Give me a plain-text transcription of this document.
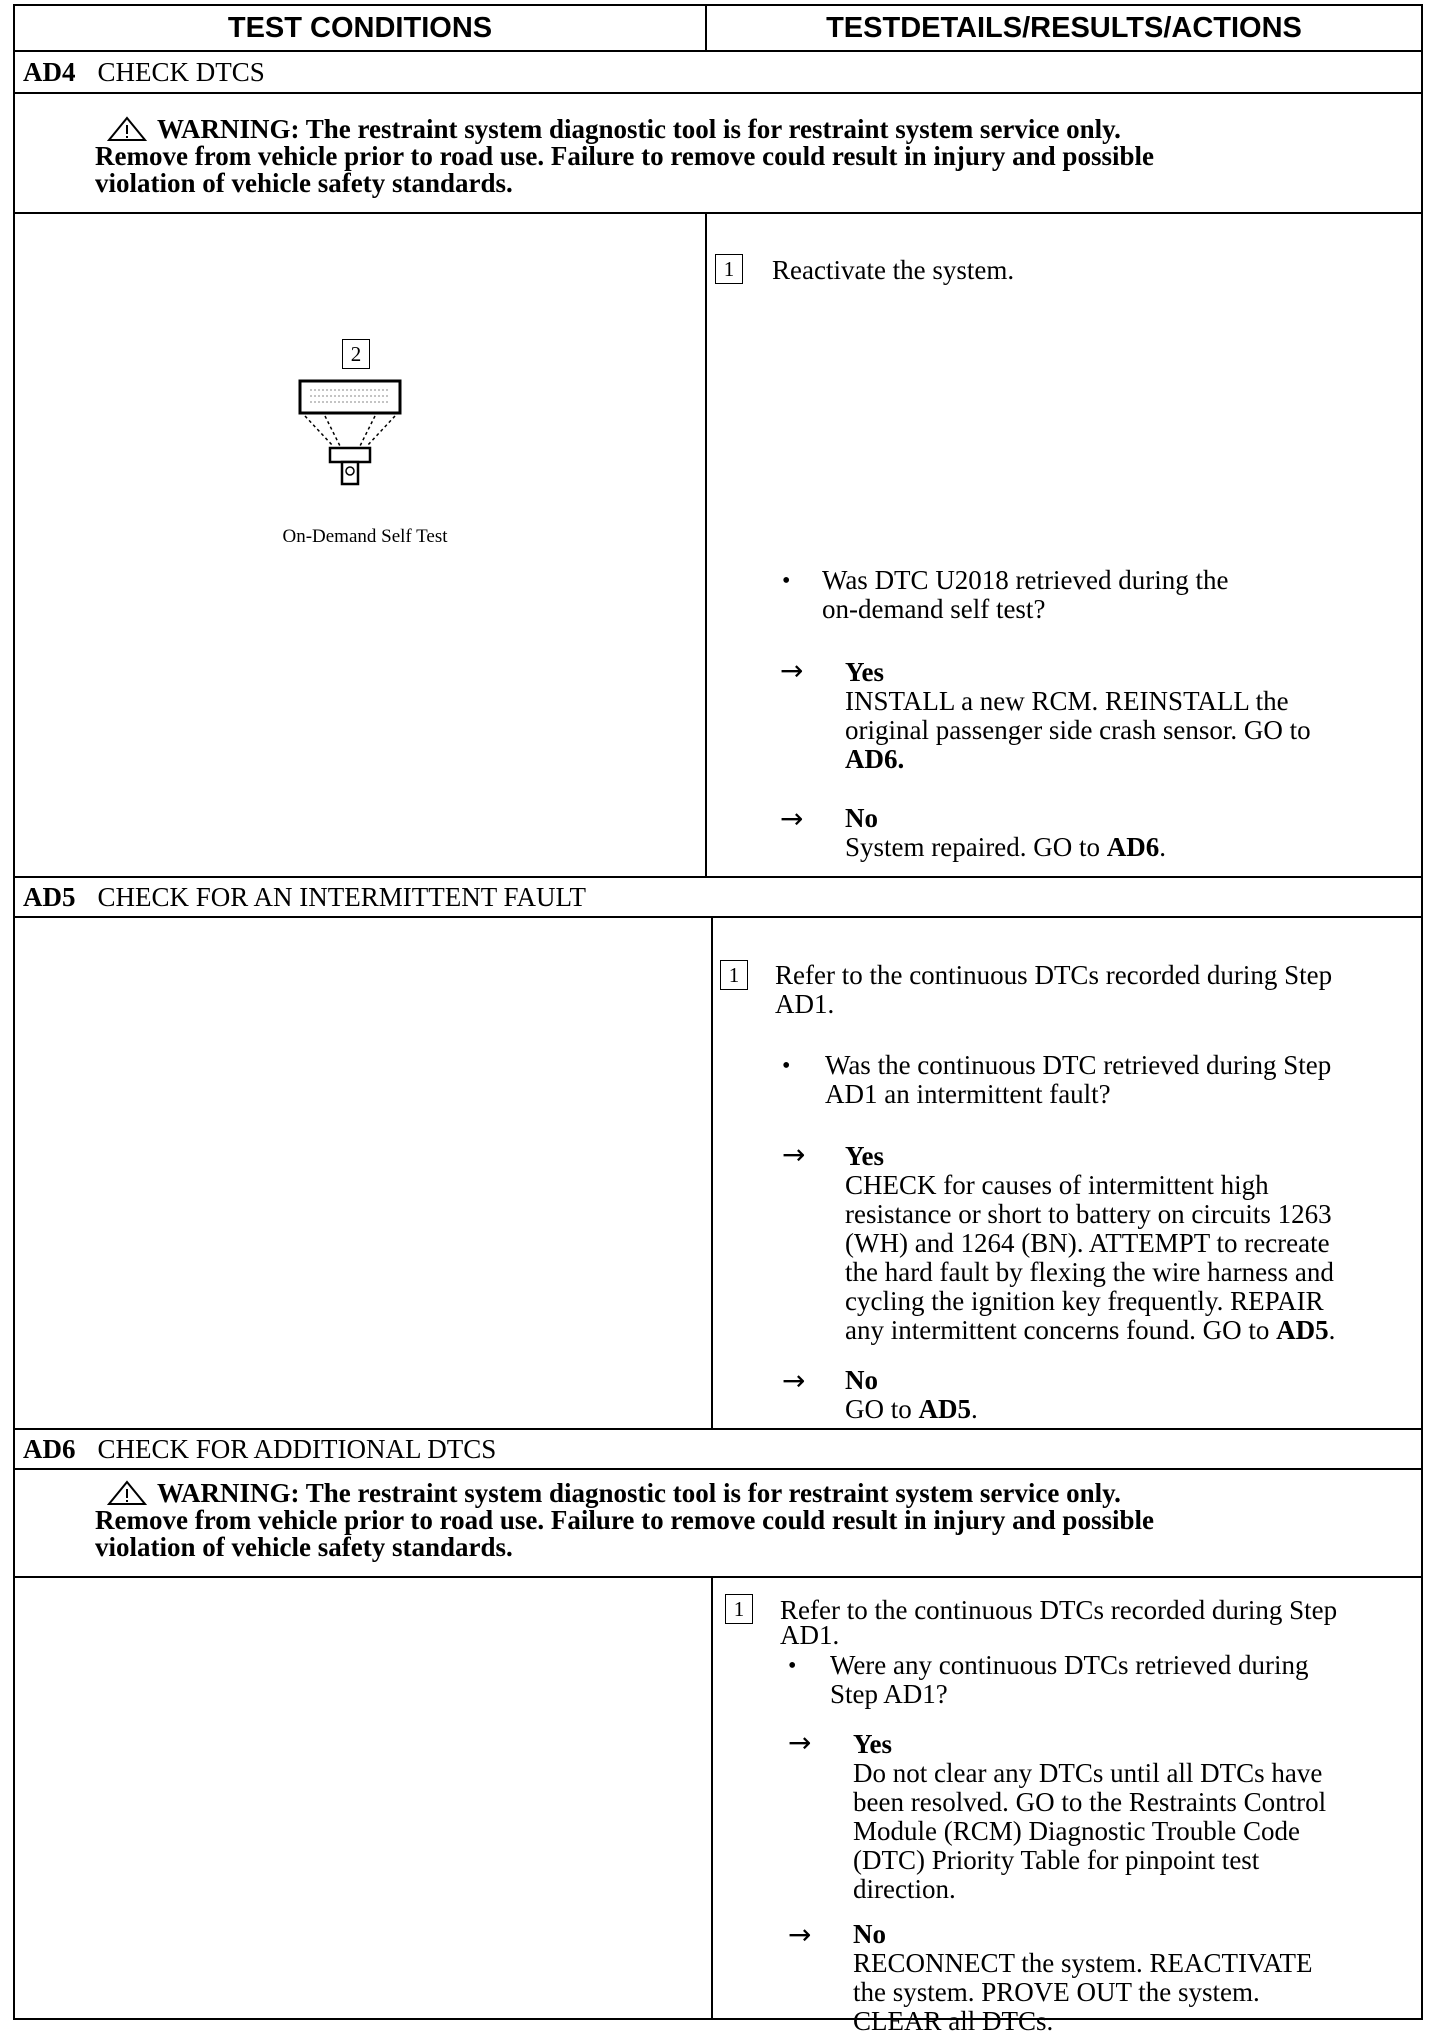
TEST CONDITIONS	TESTDETAILS/RESULTS/ACTIONS
AD4 CHECK DTCS
WARNING: The restraint system diagnostic tool is for restraint system service only.
Remove from vehicle prior to road use. Failure to remove could result in injury and possible
violation of vehicle safety standards.
2
On-Demand Self Test
1	Reactivate the system.
• Was DTC U2018 retrieved during the
on-demand self test?
→ Yes
INSTALL a new RCM. REINSTALL the
original passenger side crash sensor. GO to
AD6.
→ No
System repaired. GO to AD6.
AD5 CHECK FOR AN INTERMITTENT FAULT
1	Refer to the continuous DTCs recorded during Step
AD1.
• Was the continuous DTC retrieved during Step
AD1 an intermittent fault?
→ Yes
CHECK for causes of intermittent high
resistance or short to battery on circuits 1263
(WH) and 1264 (BN). ATTEMPT to recreate
the hard fault by flexing the wire harness and
cycling the ignition key frequently. REPAIR
any intermittent concerns found. GO to AD5.
→ No
GO to AD5.
AD6 CHECK FOR ADDITIONAL DTCS
WARNING: The restraint system diagnostic tool is for restraint system service only.
Remove from vehicle prior to road use. Failure to remove could result in injury and possible
violation of vehicle safety standards.
1	Refer to the continuous DTCs recorded during Step
AD1.
• Were any continuous DTCs retrieved during
Step AD1?
→ Yes
Do not clear any DTCs until all DTCs have
been resolved. GO to the Restraints Control
Module (RCM) Diagnostic Trouble Code
(DTC) Priority Table for pinpoint test
direction.
→ No
RECONNECT the system. REACTIVATE
the system. PROVE OUT the system.
CLEAR all DTCs.
